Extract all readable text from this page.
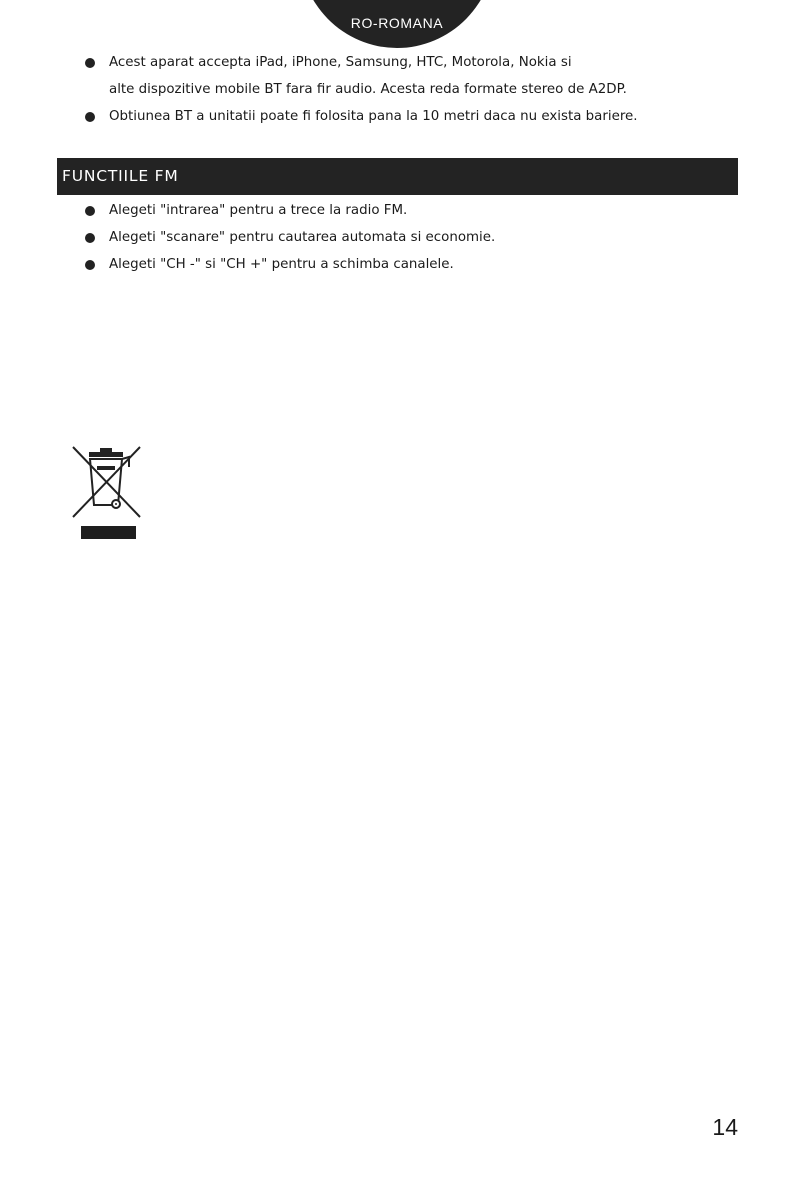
RO-ROMANA
Acest aparat accepta iPad, iPhone, Samsung, HTC, Motorola, Nokia si
alte dispozitive mobile BT fara fir audio. Acesta reda formate stereo de A2DP.
Obtiunea BT a unitatii poate fi folosita pana la 10 metri daca nu exista bariere.
FUNCTIILE FM
Alegeti "intrarea" pentru a trece la radio FM.
Alegeti "scanare" pentru cautarea automata si economie.
Alegeti "CH -" si "CH +" pentru a schimba canalele.
14
